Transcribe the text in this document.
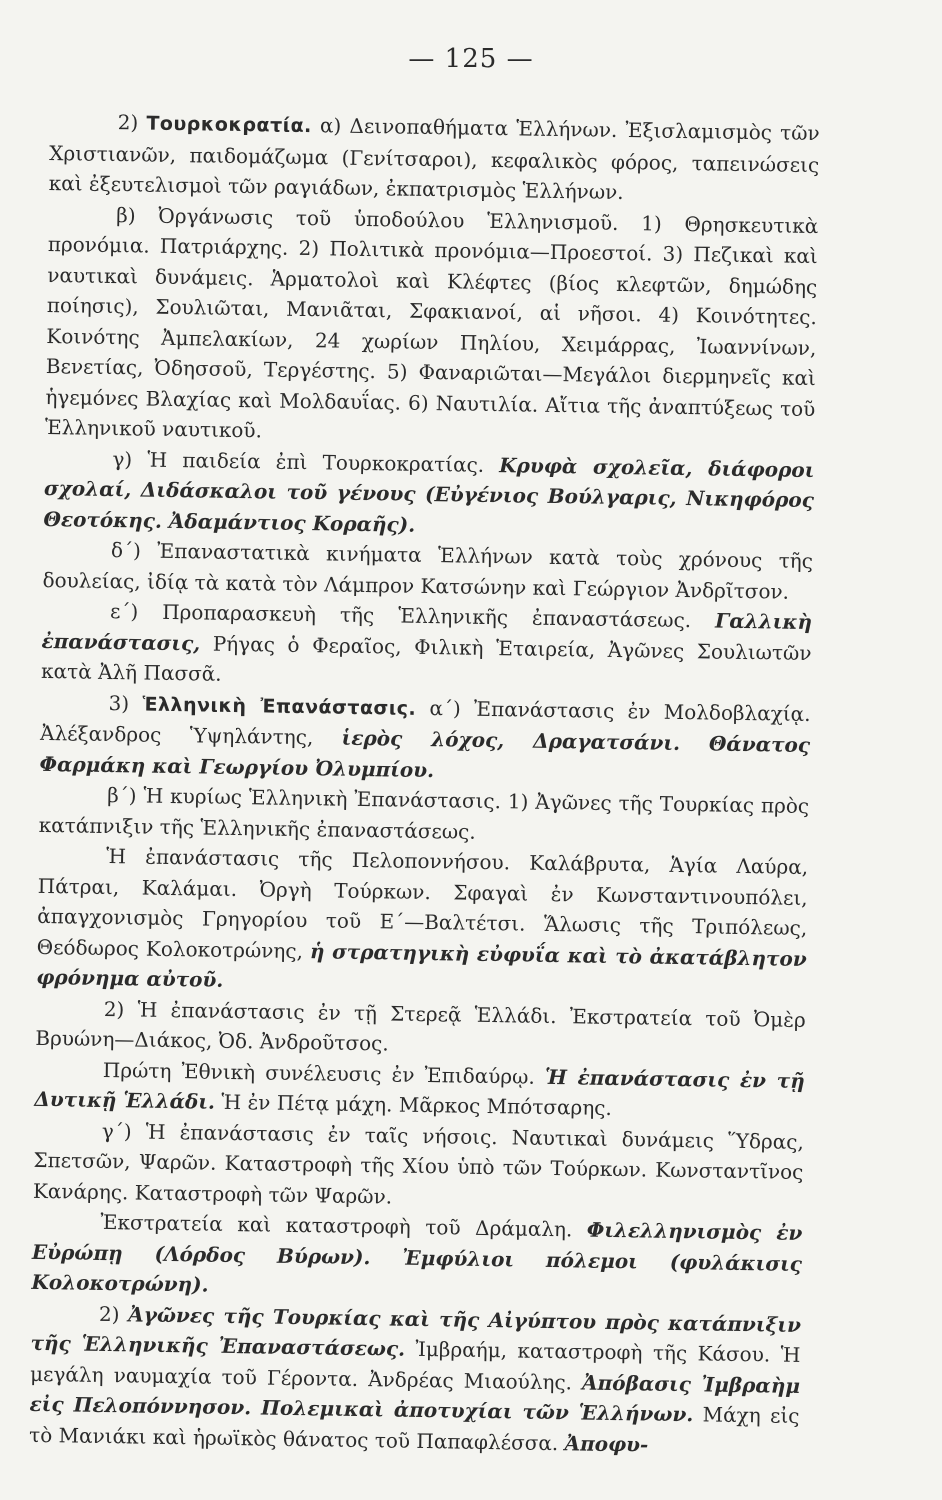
— 125 —

2) Τουρκοκρατία. α) Δεινοπαθήματα Ἑλλήνων. Ἐξισλαμισμὸς τῶν Χριστιανῶν, παιδομάζωμα (Γενίτσαροι), κεφαλικὸς φόρος, ταπεινώσεις καὶ ἐξευτελισμοὶ τῶν ραγιάδων, ἐκπατρισμὸς Ἑλλήνων.

β) Ὀργάνωσις τοῦ ὑποδούλου Ἑλληνισμοῦ. 1) Θρησκευτικὰ προνόμια. Πατριάρχης. 2) Πολιτικὰ προνόμια—Προεστοί. 3) Πεζικαὶ καὶ ναυτικαὶ δυνάμεις. Ἁρματολοὶ καὶ Κλέφτες (βίος κλεφτῶν, δημώδης ποίησις), Σουλιῶται, Μανιᾶται, Σφακιανοί, αἱ νῆσοι. 4) Κοινότητες. Κοινότης Ἀμπελακίων, 24 χωρίων Πηλίου, Χειμάρρας, Ἰωαννίνων, Βενετίας, Ὀδησσοῦ, Τεργέστης. 5) Φαναριῶται—Μεγάλοι διερμηνεῖς καὶ ἡγεμόνες Βλαχίας καὶ Μολδαυΐας. 6) Ναυτιλία. Αἴτια τῆς ἀναπτύξεως τοῦ Ἑλληνικοῦ ναυτικοῦ.

γ) Ἡ παιδεία ἐπὶ Τουρκοκρατίας. Κρυφὰ σχολεῖα, διάφοροι σχολαί, Διδάσκαλοι τοῦ γένους (Εὐγένιος Βούλγαρις, Νικηφόρος Θεοτόκης. Ἀδαμάντιος Κοραῆς).

δ΄) Ἐπαναστατικὰ κινήματα Ἑλλήνων κατὰ τοὺς χρόνους τῆς δουλείας, ἰδίᾳ τὰ κατὰ τὸν Λάμπρον Κατσώνην καὶ Γεώργιον Ἀνδρῖτσον.

ε΄) Προπαρασκευὴ τῆς Ἑλληνικῆς ἐπαναστάσεως. Γαλλικὴ ἐπανάστασις, Ρήγας ὁ Φεραῖος, Φιλικὴ Ἑταιρεία, Ἀγῶνες Σουλιωτῶν κατὰ Ἀλῆ Πασσᾶ.

3) Ἑλληνικὴ Ἐπανάστασις. α΄) Ἐπανάστασις ἐν Μολδοβλαχίᾳ. Ἀλέξανδρος Ὑψηλάντης, ἱερὸς λόχος, Δραγατσάνι. Θάνατος Φαρμάκη καὶ Γεωργίου Ὀλυμπίου.

β΄) Ἡ κυρίως Ἑλληνικὴ Ἐπανάστασις. 1) Ἀγῶνες τῆς Τουρκίας πρὸς κατάπνιξιν τῆς Ἑλληνικῆς ἐπαναστάσεως.

Ἡ ἐπανάστασις τῆς Πελοποννήσου. Καλάβρυτα, Ἁγία Λαύρα, Πάτραι, Καλάμαι. Ὀργὴ Τούρκων. Σφαγαὶ ἐν Κωνσταντινουπόλει, ἀπαγχονισμὸς Γρηγορίου τοῦ Ε΄—Βαλτέτσι. Ἅλωσις τῆς Τριπόλεως, Θεόδωρος Κολοκοτρώνης, ἡ στρατηγικὴ εὐφυΐα καὶ τὸ ἀκατάβλητον φρόνημα αὐτοῦ.

2) Ἡ ἐπανάστασις ἐν τῇ Στερεᾷ Ἑλλάδι. Ἐκστρατεία τοῦ Ὀμὲρ Βρυώνη—Διάκος, Ὀδ. Ἀνδροῦτσος.

Πρώτη Ἐθνικὴ συνέλευσις ἐν Ἐπιδαύρῳ. Ἡ ἐπανάστασις ἐν τῇ Δυτικῇ Ἑλλάδι. Ἡ ἐν Πέτᾳ μάχη. Μᾶρκος Μπότσαρης.

γ΄) Ἡ ἐπανάστασις ἐν ταῖς νήσοις. Ναυτικαὶ δυνάμεις Ὕδρας, Σπετσῶν, Ψαρῶν. Καταστροφὴ τῆς Χίου ὑπὸ τῶν Τούρκων. Κωνσταντῖνος Κανάρης. Καταστροφὴ τῶν Ψαρῶν.

Ἐκστρατεία καὶ καταστροφὴ τοῦ Δράμαλη. Φιλελληνισμὸς ἐν Εὐρώπῃ (Λόρδος Βύρων). Ἐμφύλιοι πόλεμοι (φυλάκισις Κολοκοτρώνη).

2) Ἀγῶνες τῆς Τουρκίας καὶ τῆς Αἰγύπτου πρὸς κατάπνιξιν τῆς Ἑλληνικῆς Ἐπαναστάσεως. Ἰμβραήμ, καταστροφὴ τῆς Κάσου. Ἡ μεγάλη ναυμαχία τοῦ Γέροντα. Ἀνδρέας Μιαούλης. Ἀπόβασις Ἰμβραὴμ εἰς Πελοπόννησον. Πολεμικαὶ ἀποτυχίαι τῶν Ἑλλήνων. Μάχη εἰς τὸ Μανιάκι καὶ ἡρωϊκὸς θάνατος τοῦ Παπαφλέσσα. Ἀποφυ-
